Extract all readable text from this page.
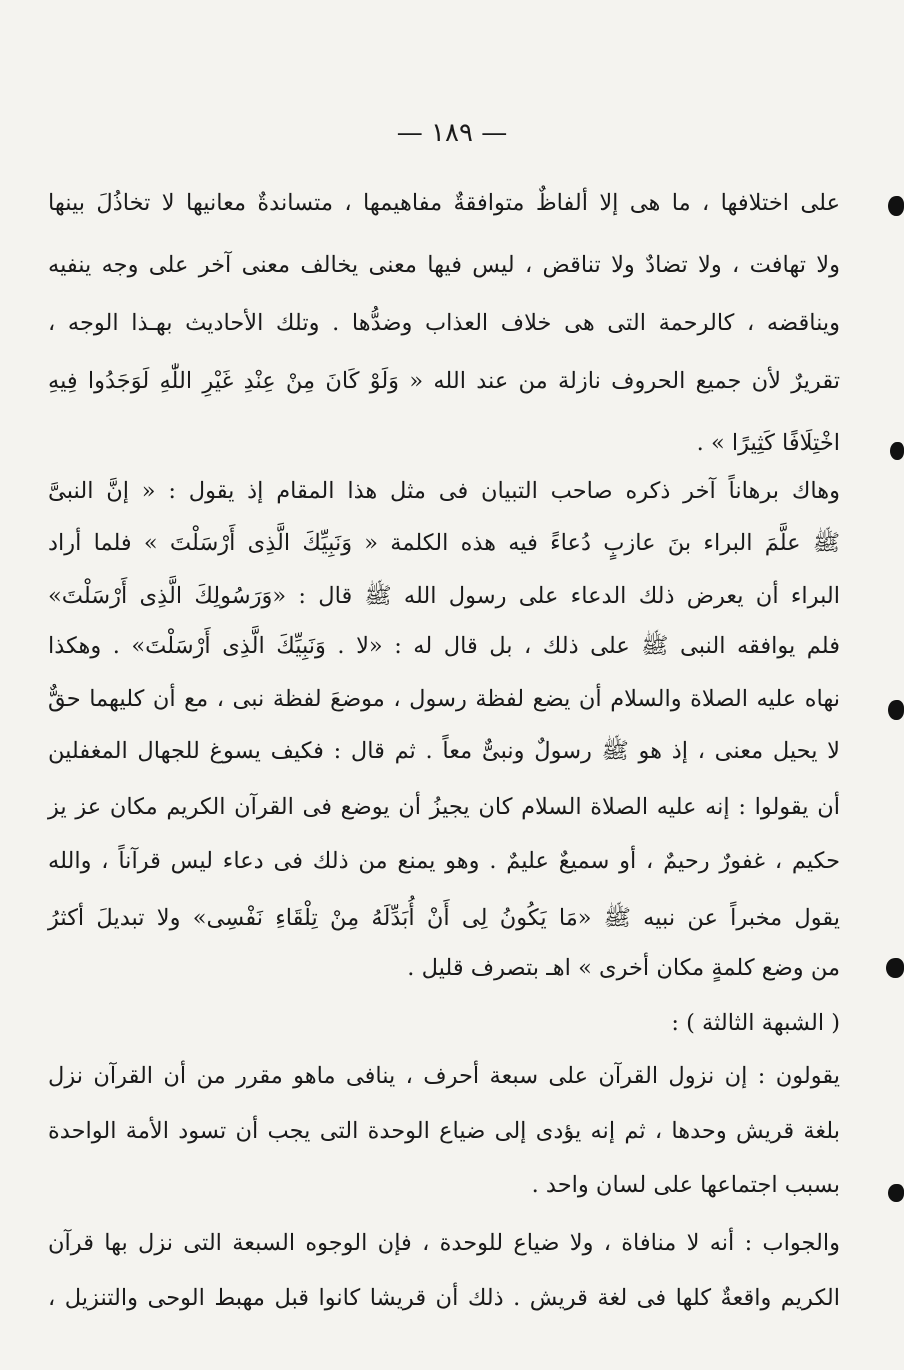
— ١٨٩ —
على اختلافها ، ما هى إلا ألفاظٌ متوافقةٌ مفاهيمها ، متساندةٌ معانيها لا تخاذُلَ بينها
ولا تهافت ، ولا تضادٌ ولا تناقض ، ليس فيها معنى يخالف معنى آخر على وجه ينفيه
ويناقضه ، كالرحمة التى هى خلاف العذاب وضدُّها . وتلك الأحاديث بهـذا الوجه ،
تقريرٌ لأن جميع الحروف نازلة من عند الله « وَلَوْ كَانَ مِنْ عِنْدِ غَيْرِ اللّٰهِ لَوَجَدُوا فِيهِ
اخْتِلَافًا كَثِيرًا » .
وهاك برهاناً آخر ذكره صاحب التبيان فى مثل هذا المقام إذ يقول : « إنَّ النبىَّ
ﷺ علَّمَ البراء بنَ عازبٍ دُعاءً فيه هذه الكلمة « وَنَبِيِّكَ الَّذِى أَرْسَلْتَ » فلما أراد
البراء أن يعرض ذلك الدعاء على رسول الله ﷺ قال : «وَرَسُولِكَ الَّذِى أَرْسَلْتَ»
فلم يوافقه النبى ﷺ على ذلك ، بل قال له : «لا . وَنَبِيِّكَ الَّذِى أَرْسَلْتَ» . وهكذا
نهاه عليه الصلاة والسلام أن يضع لفظة رسول ، موضعَ لفظة نبى ، مع أن كليهما حقٌّ
لا يحيل معنى ، إذ هو ﷺ رسولٌ ونبىٌّ معاً . ثم قال : فكيف يسوغ للجهال المغفلين
أن يقولوا : إنه عليه الصلاة السلام كان يجيزُ أن يوضع فى القرآن الكريم مكان عز يز
حكيم ، غفورٌ رحيمٌ ، أو سميعٌ عليمٌ . وهو يمنع من ذلك فى دعاء ليس قرآناً ، والله
يقول مخبراً عن نبيه ﷺ «مَا يَكُونُ لِى أَنْ أُبَدِّلَهُ مِنْ تِلْقَاءِ نَفْسِى» ولا تبديلَ أكثرُ
من وضع كلمةٍ مكان أخرى » اهـ بتصرف قليل .
( الشبهة الثالثة ) :
يقولون : إن نزول القرآن على سبعة أحرف ، ينافى ماهو مقرر من أن القرآن نزل
بلغة قريش وحدها ، ثم إنه يؤدى إلى ضياع الوحدة التى يجب أن تسود الأمة الواحدة
بسبب اجتماعها على لسان واحد .
والجواب : أنه لا منافاة ، ولا ضياع للوحدة ، فإن الوجوه السبعة التى نزل بها قرآن
الكريم واقعةٌ كلها فى لغة قريش . ذلك أن قريشا كانوا قبل مهبط الوحى والتنزيل ،
